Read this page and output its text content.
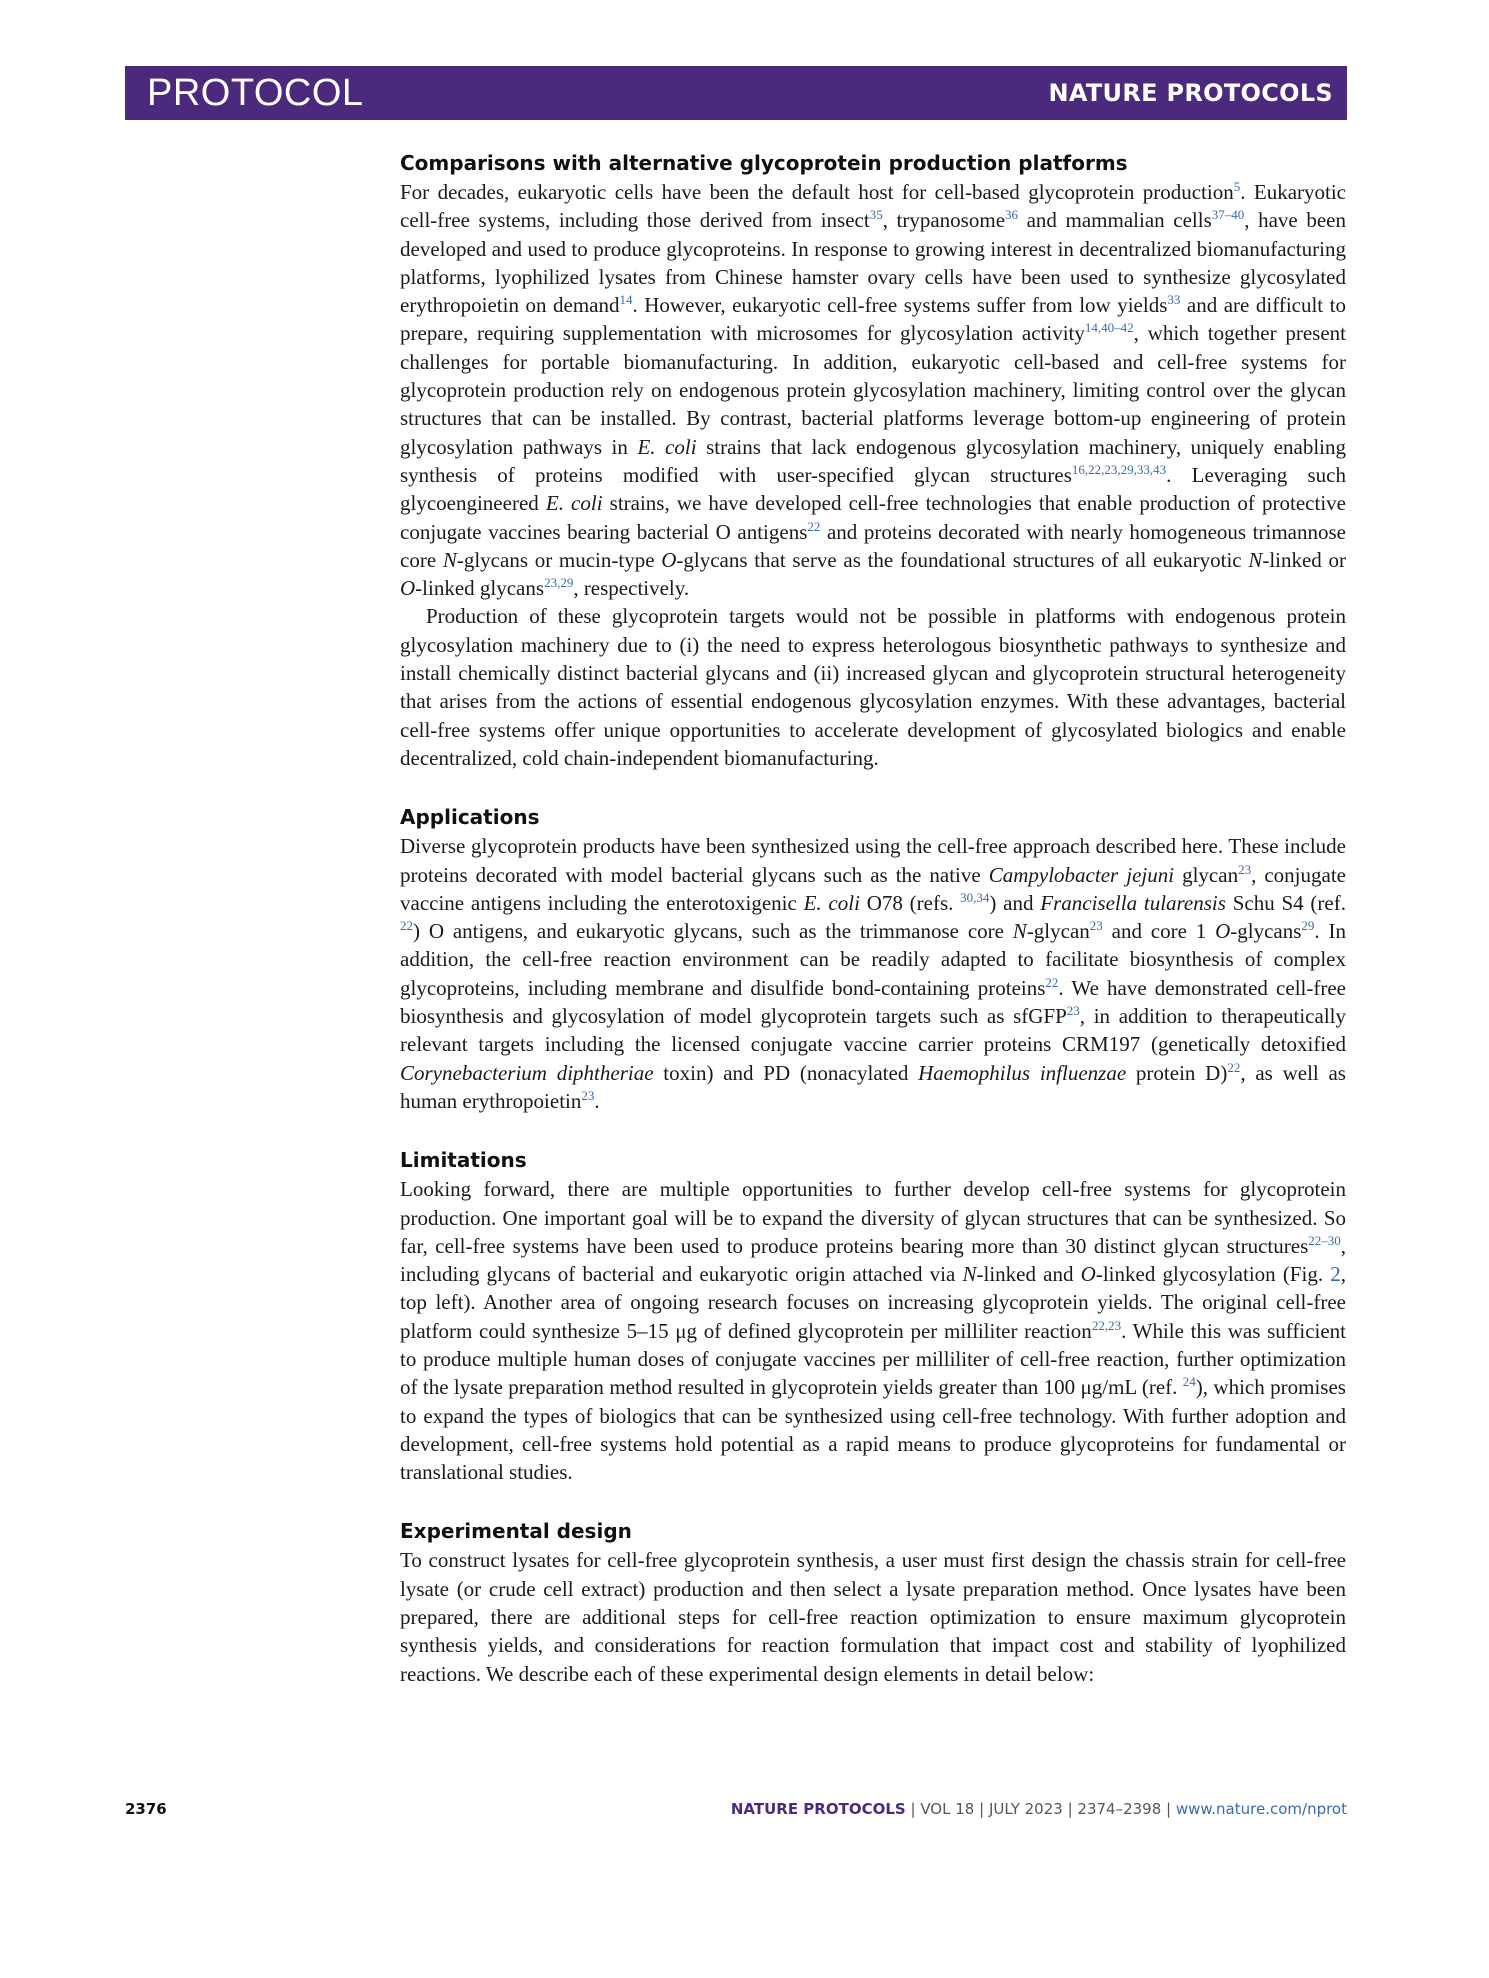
PROTOCOL	NATURE PROTOCOLS
Comparisons with alternative glycoprotein production platforms

For decades, eukaryotic cells have been the default host for cell-based glycoprotein production$^5$. Eukaryotic cell-free systems, including those derived from insect$^{35}$, trypanosome$^{36}$ and mammalian cells$^{37-40}$, have been developed and used to produce glycoproteins. In response to growing interest in decentralized biomanufacturing platforms, lyophilized lysates from Chinese hamster ovary cells have been used to synthesize glycosylated erythropoietin on demand$^{14}$. However, eukaryotic cell-free systems suffer from low yields$^{33}$ and are difficult to prepare, requiring supplementation with microsomes for glycosylation activity$^{14,40-42}$, which together present challenges for portable biomanufacturing. In addition, eukaryotic cell-based and cell-free systems for glycoprotein production rely on endogenous protein glycosylation machinery, limiting control over the glycan structures that can be installed. By contrast, bacterial platforms leverage bottom-up engineering of protein glycosylation pathways in E. coli strains that lack endogenous glycosylation machinery, uniquely enabling synthesis of proteins modified with user-specified glycan structures$^{16,22,23,29,33,43}$. Leveraging such glycoengineered E. coli strains, we have developed cell-free technologies that enable production of protective conjugate vaccines bearing bacterial O antigens$^{22}$ and proteins decorated with nearly homogeneous trimannose core N-glycans or mucin-type O-glycans that serve as the foundational structures of all eukaryotic N-linked or O-linked glycans$^{23,29}$, respectively.

Production of these glycoprotein targets would not be possible in platforms with endogenous protein glycosylation machinery due to (i) the need to express heterologous biosynthetic pathways to synthesize and install chemically distinct bacterial glycans and (ii) increased glycan and glycoprotein structural heterogeneity that arises from the actions of essential endogenous glycosylation enzymes. With these advantages, bacterial cell-free systems offer unique opportunities to accelerate development of glycosylated biologics and enable decentralized, cold chain-independent biomanufacturing.

Applications

Diverse glycoprotein products have been synthesized using the cell-free approach described here. These include proteins decorated with model bacterial glycans such as the native Campylobacter jejuni glycan$^{23}$, conjugate vaccine antigens including the enterotoxigenic E. coli O78 (refs. $^{30,34}$) and Francisella tularensis Schu S4 (ref. $^{22}$) O antigens, and eukaryotic glycans, such as the trimmanose core N-glycan$^{23}$ and core 1 O-glycans$^{29}$. In addition, the cell-free reaction environment can be readily adapted to facilitate biosynthesis of complex glycoproteins, including membrane and disulfide bond-containing proteins$^{22}$. We have demonstrated cell-free biosynthesis and glycosylation of model glycoprotein targets such as sfGFP$^{23}$, in addition to therapeutically relevant targets including the licensed conjugate vaccine carrier proteins CRM197 (genetically detoxified Corynebacterium diphtheriae toxin) and PD (nonacylated Haemophilus influenzae protein D)$^{22}$, as well as human erythropoietin$^{23}$.

Limitations

Looking forward, there are multiple opportunities to further develop cell-free systems for glycoprotein production. One important goal will be to expand the diversity of glycan structures that can be synthesized. So far, cell-free systems have been used to produce proteins bearing more than 30 distinct glycan structures$^{22-30}$, including glycans of bacterial and eukaryotic origin attached via N-linked and O-linked glycosylation (Fig. 2, top left). Another area of ongoing research focuses on increasing glycoprotein yields. The original cell-free platform could synthesize 5–15 μg of defined glycoprotein per milliliter reaction$^{22,23}$. While this was sufficient to produce multiple human doses of conjugate vaccines per milliliter of cell-free reaction, further optimization of the lysate preparation method resulted in glycoprotein yields greater than 100 μg/mL (ref. $^{24}$), which promises to expand the types of biologics that can be synthesized using cell-free technology. With further adoption and development, cell-free systems hold potential as a rapid means to produce glycoproteins for fundamental or translational studies.

Experimental design

To construct lysates for cell-free glycoprotein synthesis, a user must first design the chassis strain for cell-free lysate (or crude cell extract) production and then select a lysate preparation method. Once lysates have been prepared, there are additional steps for cell-free reaction optimization to ensure maximum glycoprotein synthesis yields, and considerations for reaction formulation that impact cost and stability of lyophilized reactions. We describe each of these experimental design elements in detail below:

2376	NATURE PROTOCOLS | VOL 18 | JULY 2023 | 2374–2398 | www.nature.com/nprot
